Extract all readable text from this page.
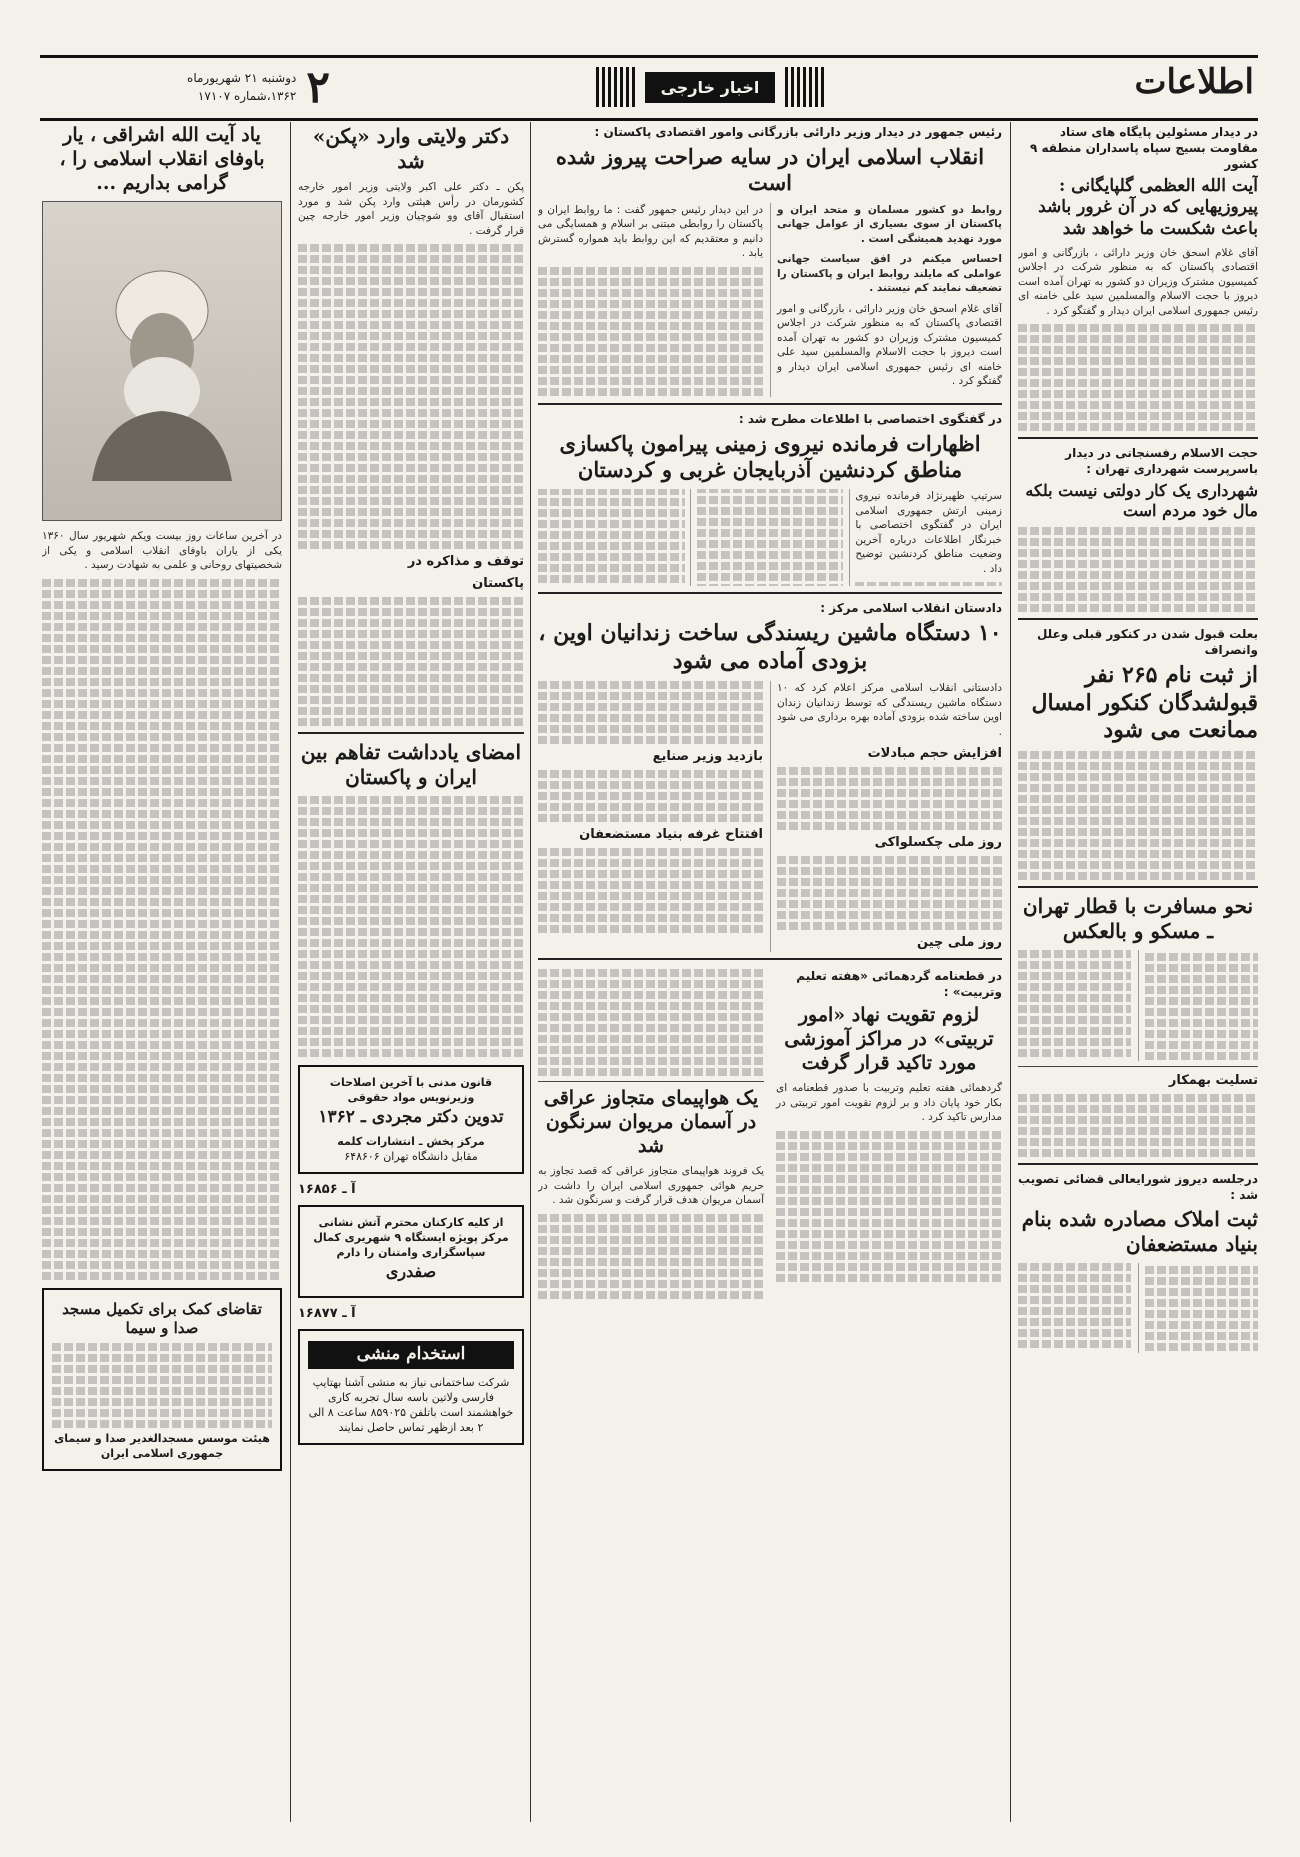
۲
دوشنبه ۲۱ شهریورماه
۱۳۶۲،شماره ۱۷۱۰۷	اخبار خارجی	اطلاعات
در دیدار مسئولین پایگاه های ستاد مقاومت بسیج سپاه پاسداران منطقه ۹ کشور
آیت الله العظمی گلپایگانی : پیروزیهایی که در آن غرور باشد باعث شکست ما خواهد شد

آقای غلام اسحق خان وزیر دارائی ، بازرگانی و امور اقتصادی پاکستان که به منظور شرکت در اجلاس کمیسیون مشترک وزیران دو کشور به تهران آمده است دیروز با حجت الاسلام والمسلمین سید علی خامنه ای رئیس جمهوری اسلامی ایران دیدار و گفتگو کرد .

حجت الاسلام رفسنجانی در دیدار باسرپرست شهرداری تهران :
شهرداری یک کار دولتی نیست بلکه مال خود مردم است
بعلت قبول شدن در کنکور قبلی وعلل وانصراف
از ثبت نام ۲۶۵ نفر قبولشدگان کنکور امسال ممانعت می شود
نحو مسافرت با قطار تهران ـ مسکو و بالعکس
تسلیت بهمکار
درجلسه دیروز شورایعالی قضائی تصویب شد :
ثبت املاک مصادره شده بنام بنیاد مستضعفان
رئیس جمهور در دیدار وزیر دارائی بازرگانی وامور اقتصادی پاکستان :
انقلاب اسلامی ایران در سایه صراحت پیروز شده است

روابط دو کشور مسلمان و متحد ایران و پاکستان از سوی بسیاری از عوامل جهانی مورد تهدید همیشگی است .

احساس میکنم در افق سیاست جهانی عواملی که مایلند روابط ایران و پاکستان را تضعیف نمایند کم نیستند .

آقای غلام اسحق خان وزیر دارائی ، بازرگانی و امور اقتصادی پاکستان که به منظور شرکت در اجلاس کمیسیون مشترک وزیران دو کشور به تهران آمده است دیروز با حجت الاسلام والمسلمین سید علی خامنه ای رئیس جمهوری اسلامی ایران دیدار و گفتگو کرد .

در این دیدار رئیس جمهور گفت : ما روابط ایران و پاکستان را روابطی مبتنی بر اسلام و همسایگی می دانیم و معتقدیم که این روابط باید همواره گسترش یابد .

در گفتگوی اختصاصی با اطلاعات مطرح شد :
اظهارات فرمانده نیروی زمینی پیرامون پاکسازی مناطق کردنشین آذربایجان غربی و کردستان

سرتیپ ظهیرنژاد فرمانده نیروی زمینی ارتش جمهوری اسلامی ایران در گفتگوی اختصاصی با خبرنگار اطلاعات درباره آخرین وضعیت مناطق کردنشین توضیح داد .

دادستان انقلاب اسلامی مرکز :
۱۰ دستگاه ماشین ریسندگی ساخت زندانیان اوین ، بزودی آماده می شود

دادستانی انقلاب اسلامی مرکز اعلام کرد که ۱۰ دستگاه ماشین ریسندگی که توسط زندانیان زندان اوین ساخته شده بزودی آماده بهره برداری می شود .

افزایش حجم مبادلات
روز ملی چکسلواکی
روز ملی چین
بازدید وزیر صنایع
افتتاح غرفه بنیاد مستضعفان
در قطعنامه گردهمائی «هفته تعلیم وتربیت» :
لزوم تقویت نهاد «امور تربیتی» در مراکز آموزشی مورد تاکید قرار گرفت

گردهمائی هفته تعلیم وتربیت با صدور قطعنامه ای بکار خود پایان داد و بر لزوم تقویت امور تربیتی در مدارس تاکید کرد .

یک هواپیمای متجاوز عراقی در آسمان مریوان سرنگون شد

یک فروند هواپیمای متجاوز عراقی که قصد تجاوز به حریم هوائی جمهوری اسلامی ایران را داشت در آسمان مریوان هدف قرار گرفت و سرنگون شد .

دکتر ولایتی وارد «پکن» شد

پکن ـ دکتر علی اکبر ولایتی وزیر امور خارجه کشورمان در رأس هیئتی وارد پکن شد و مورد استقبال آقای وو شوچیان وزیر امور خارجه چین قرار گرفت .

توقف و مذاکره در
پاکستان
امضای یادداشت تفاهم بین ایران و پاکستان
قانون مدنی با آخرین اصلاحات وزیرنویس مواد حقوقی
تدوین دکتر مجردی ـ ۱۳۶۲
مرکز پخش ـ انتشارات کلمه
مقابل دانشگاه تهران ۶۴۸۶۰۶
آ ـ ۱۶۸۵۶
از کلیه کارکنان محترم آتش نشانی مرکز پویژه ایستگاه ۹ شهریری کمال سپاسگزاری وامتنان را دارم
صفدری
آ ـ ۱۶۸۷۷
استخدام منشی
شرکت ساختمانی نیاز به منشی آشنا بهتایپ فارسی ولاتین باسه سال تجربه کاری خواهشمند است باتلفن ۸۵۹۰۲۵ ساعت ۸ الی ۲ بعد ازظهر تماس حاصل نمایند
یاد آیت الله اشراقی ، یار باوفای انقلاب اسلامی را ، گرامی بداریم ...

در آخرین ساعات روز بیست ویکم شهریور سال ۱۳۶۰ یکی از یاران باوفای انقلاب اسلامی و یکی از شخصیتهای روحانی و علمی به شهادت رسید .

تقاضای کمک برای تکمیل مسجد صدا و سیما
هیئت موسس مسجدالغدیر صدا و سیمای جمهوری اسلامی ایران
